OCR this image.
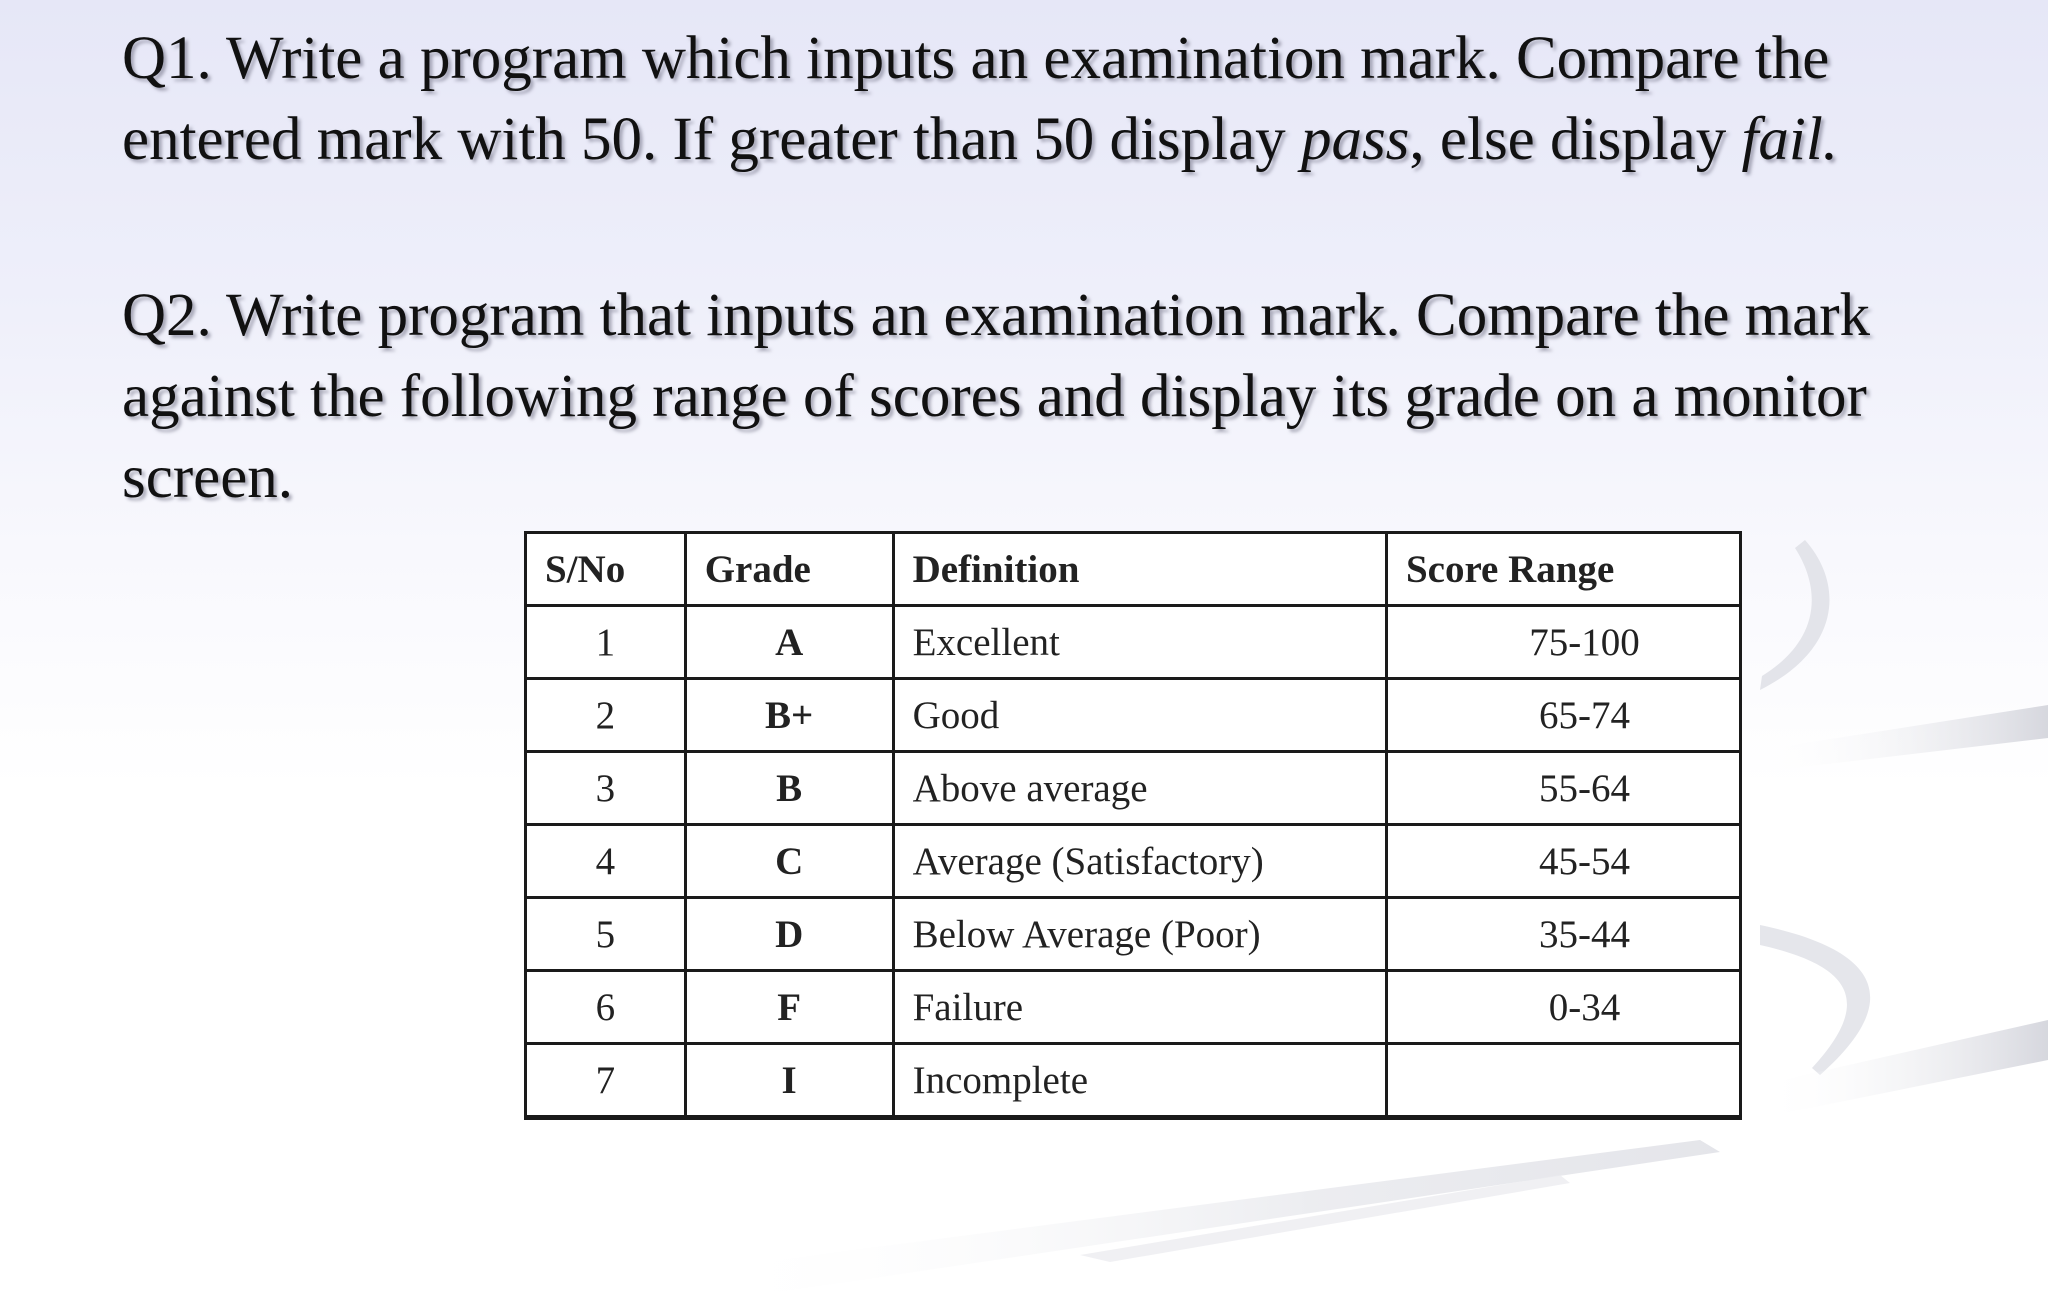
Q1. Write a program which inputs an examination mark. Compare the entered mark with 50. If greater than 50 display pass, else display fail.

Q2. Write program that inputs an examination mark. Compare the mark against the following range of scores and display its grade on a monitor screen.

S/No	Grade	Definition	Score Range
1	A	Excellent	75-100
2	B+	Good	65-74
3	B	Above average	55-64
4	C	Average (Satisfactory)	45-54
5	D	Below Average (Poor)	35-44
6	F	Failure	0-34
7	I	Incomplete	
